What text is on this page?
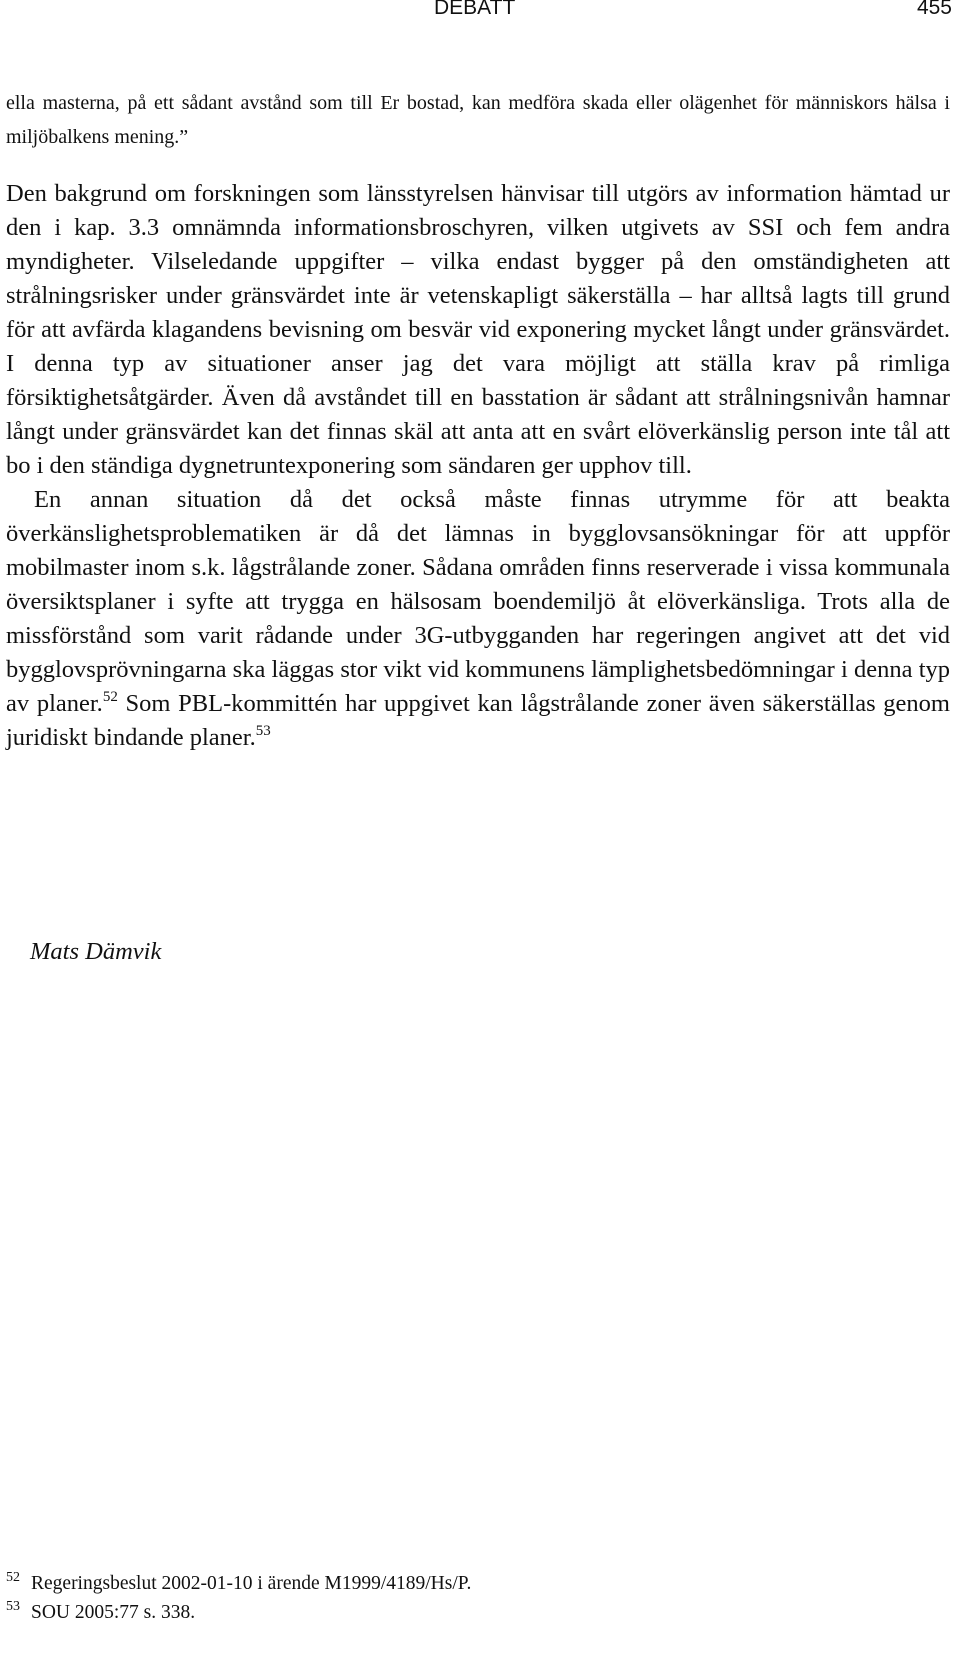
DEBATT	455
ella masterna, på ett sådant avstånd som till Er bostad, kan medföra skada eller olägenhet för människors hälsa i miljöbalkens mening.”

Den bakgrund om forskningen som länsstyrelsen hänvisar till utgörs av information hämtad ur den i kap. 3.3 omnämnda informationsbroschyren, vilken utgivets av SSI och fem andra myndigheter. Vilseledande uppgifter – vilka endast bygger på den omständigheten att strålningsrisker under gränsvärdet inte är vetenskapligt säkerställa – har alltså lagts till grund för att avfärda klagandens bevisning om besvär vid exponering mycket långt under gränsvärdet. I denna typ av situationer anser jag det vara möjligt att ställa krav på rimliga försiktighetsåtgärder. Även då avståndet till en basstation är sådant att strålningsnivån hamnar långt under gränsvärdet kan det finnas skäl att anta att en svårt elöverkänslig person inte tål att bo i den ständiga dygnetruntexponering som sändaren ger upphov till.

En annan situation då det också måste finnas utrymme för att beakta överkänslighetsproblematiken är då det lämnas in bygglovsansökningar för att uppför mobilmaster inom s.k. lågstrålande zoner. Sådana områden finns reserverade i vissa kommunala översiktsplaner i syfte att trygga en hälsosam boendemiljö åt elöverkänsliga. Trots alla de missförstånd som varit rådande under 3G-utbygganden har regeringen angivet att det vid bygglovsprövningarna ska läggas stor vikt vid kommunens lämplighetsbedömningar i denna typ av planer.$^{52}$ Som PBL-kommittén har uppgivet kan lågstrålande zoner även säkerställas genom juridiskt bindande planer.$^{53}$

Mats Dämvik
52 Regeringsbeslut 2002-01-10 i ärende M1999/4189/Hs/P.
53 SOU 2005:77 s. 338.
